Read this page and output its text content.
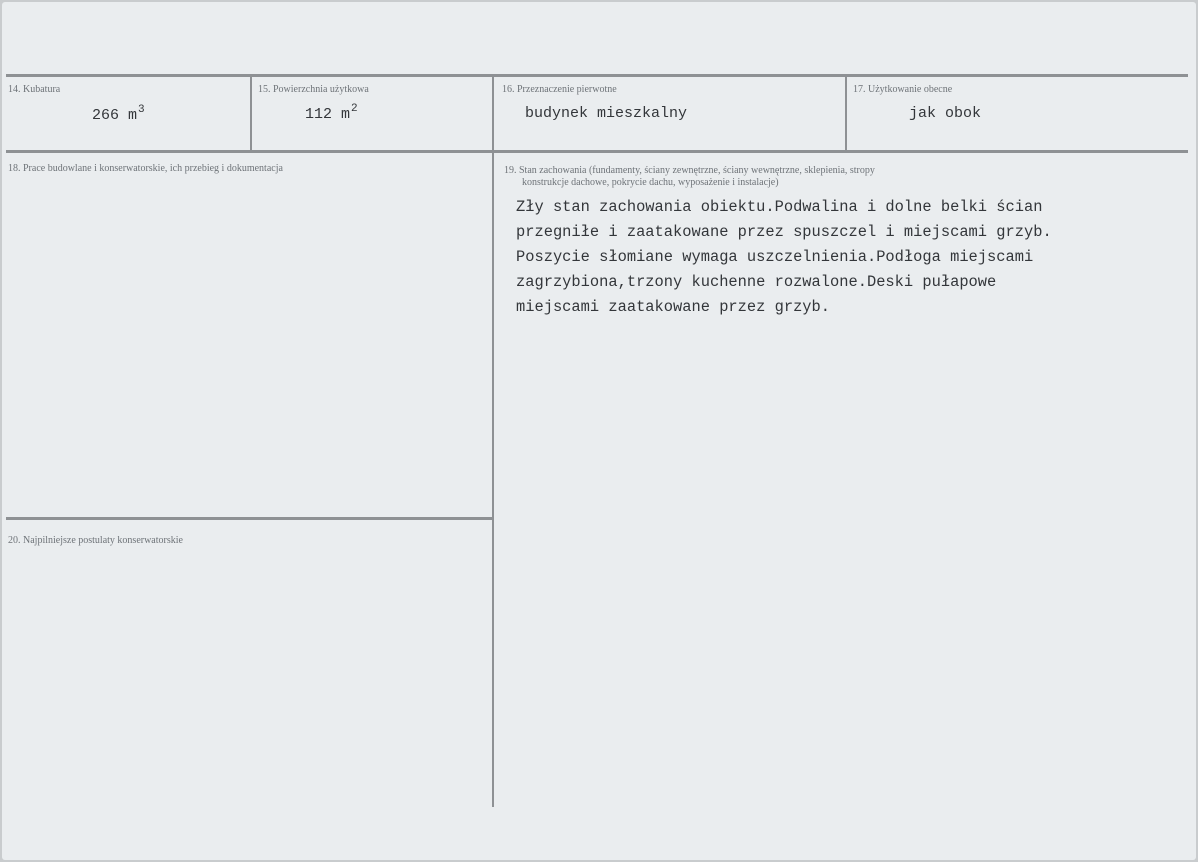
14. Kubatura
266 $m^3$
15. Powierzchnia użytkowa
112 $m^2$
16. Przeznaczenie pierwotne
budynek mieszkalny
17. Użytkowanie obecne
jak obok
18. Prace budowlane i konserwatorskie, ich przebieg i dokumentacja	19. Stan zachowania (fundamenty, ściany zewnętrzne, ściany wewnętrzne, sklepienia, stropy
konstrukcje dachowe, pokrycie dachu, wyposażenie i instalacje)
Zły stan zachowania obiektu.Podwalina i dolne belki ścian
przegniłe i zaatakowane przez spuszczel i miejscami grzyb.
Poszycie słomiane wymaga uszczelnienia.Podłoga miejscami
zagrzybiona,trzony kuchenne rozwalone.Deski pułapowe
miejscami zaatakowane przez grzyb.
20. Najpilniejsze postulaty konserwatorskie
